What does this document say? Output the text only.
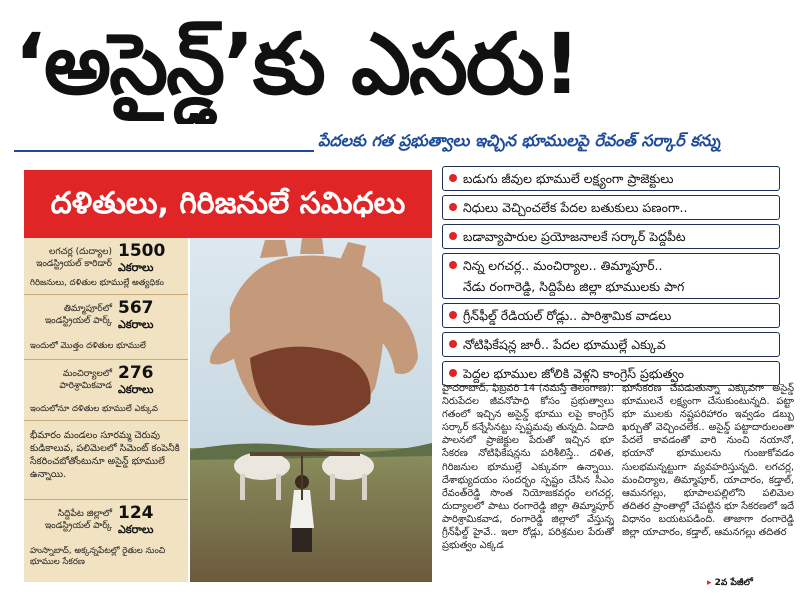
‘అసైన్డ్’కు ఎసరు!
పేదలకు గత ప్రభుత్వాలు ఇచ్చిన భూములపై రేవంత్ సర్కార్ కన్ను
దళితులు, గిరిజనులే సమిధలు
లగచర్ల (దుద్యాల) ఇండస్ట్రియల్ కారిడార్
1500
ఎకరాలు
గిరిజనులు, దళితుల భూముల్లే అత్యధికం
తిమ్మాపూర్‌లో ఇండస్ట్రియల్ పార్క్
567
ఎకరాలు
ఇందులో మొత్తం దళితుల భూములే
మంచిర్యాలలో పారిశ్రామికవాడ
276
ఎకరాలు
ఇందులోనూ దళితుల భూములే ఎక్కువ
భీమారం మండలం సూరమ్మ చెరువు కుడికాలువ, పలిమెలలో సిమెంట్ కంపెనీకి సేకరించబోతోంటునూ అసైన్డ్ భూములే ఉన్నాయి.
సిద్దిపేట జిల్లాలో ఇండస్ట్రియల్ పార్క్
124
ఎకరాలు
హుస్నాబాద్, అక్కన్నపేటల్లో రైతుల నుంచి భూముల సేకరణ
బడుగు జీవుల భూములే లక్ష్యంగా ప్రాజెక్టులు
నిధులు వెచ్చించలేక పేదల బతుకులు పణంగా..
బడావ్యాపారుల ప్రయోజనాలకే సర్కార్ పెద్దపీట
నిన్న లగచర్ల.. మంచిర్యాల.. తిమ్మాపూర్..
నేడు రంగారెడ్డి, సిద్దిపేట జిల్లా భూములకు పాగ
గ్రీన్‌ఫీల్డ్ రేడియల్ రోడ్లు.. పారిశ్రామిక వాడలు
నోటిఫికేషన్ల జారీ.. పేదల భూముల్లే ఎక్కువ
పెద్దల భూముల జోలికి వెళ్లని కాంగ్రెస్ ప్రభుత్వం
హైదరాబాద్, ఫిబ్రవరి 14 (నమస్తే తెలంగాణ): నిరుపేదల జీవనోపాధి కోసం ప్రభుత్వాలు గతంలో ఇచ్చిన అసైన్డ్ భూము లపై కాంగ్రెస్ సర్కార్ కన్నేసినట్టు స్పష్టమవు తున్నది. ఏడాది పాలనలో ప్రాజెక్టుల పేరుతో ఇచ్చిన భూ సేకరణ నోటిఫికేషన్లను పరిశీలిస్తే.. దళిత, గిరిజనుల భూముల్లే ఎక్కువగా ఉన్నాయి. దేశాభ్యుదయం సందర్భం స్పష్టం చేసిన సీఎం రేవంత్‌రెడ్డి సొంత నియోజకవర్గం లగచర్ల, దుద్యాలలో పాటు రంగారెడ్డి జిల్లా తిమ్మాపూర్ పారిశ్రామికవాడ, రంగారెడ్డి జిల్లాలో వేస్తున్న గ్రీన్‌ఫీల్డ్ హైవే.. ఇలా రోడ్లు, పరిశ్రమల పేరుతో ప్రభుత్వం ఎక్కడ
భూసేకరణ చేపడుతున్నా ఎక్కువగా అసైన్డ్ భూములనే లక్ష్యంగా చేసుకుంటున్నది. పట్టా భూ ములకు నష్టపరిహారం ఇవ్వడం డబ్బు ఖర్చుతో వెచ్చించలేక.. అసైన్డ్ పట్టాదారులంతా పేదలే కావడంతో వారి నుంచి నయానో, భయానో భూములను గుంజుకోవడం సులభమన్నట్టుగా వ్యవహరిస్తున్నది. లగచర్ల, మంచిర్యాల, తిమ్మాపూర్, యాచారం, కడ్తాల్, ఆమనగల్లు, భూపాలపల్లిలోని పలిమెల తదితర ప్రాంతాల్లో చేపట్టిన భూ సేకరణలో ఇదే విధానం బయటపడింది. తాజాగా రంగారెడ్డి జిల్లా యాచారం, కడ్తాల్, ఆమనగల్లు తదితర
▸ 2వ పేజీలో
